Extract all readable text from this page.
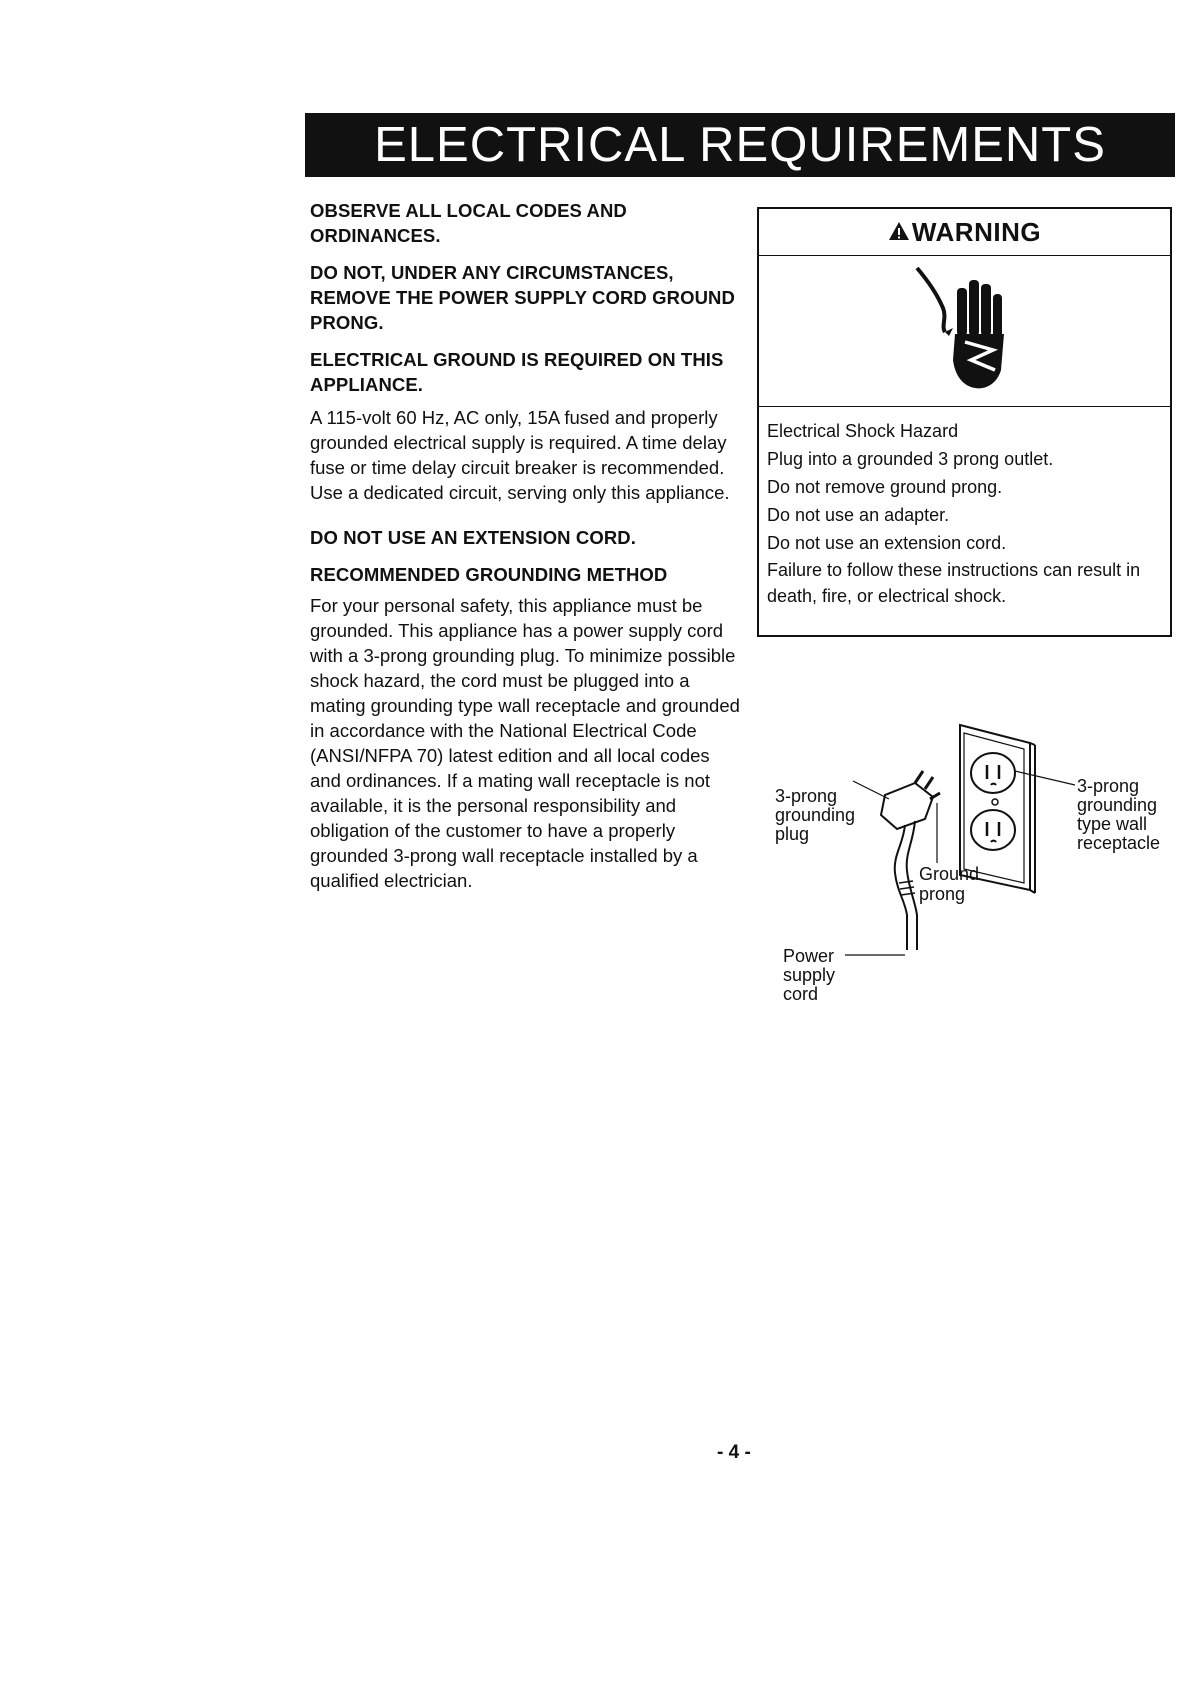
ELECTRICAL REQUIREMENTS

OBSERVE ALL LOCAL CODES AND ORDINANCES.

DO NOT, UNDER ANY CIRCUMSTANCES, REMOVE THE POWER SUPPLY CORD GROUND PRONG.

ELECTRICAL GROUND IS REQUIRED ON THIS APPLIANCE.

A 115-volt 60 Hz, AC only, 15A fused and properly grounded electrical supply is required. A time delay fuse or time delay circuit breaker is recommended. Use a dedicated circuit, serving only this appliance.

DO NOT USE AN EXTENSION CORD.

RECOMMENDED GROUNDING METHOD

For your personal safety, this appliance must be grounded. This appliance has a power supply cord with a 3-prong grounding plug. To minimize possible shock hazard, the cord must be plugged into a mating grounding type wall receptacle and grounded in accordance with the National Electrical Code (ANSI/NFPA 70) latest edition and all local codes and ordinances. If a mating wall receptacle is not available, it is the personal responsibility and obligation of the customer to have a properly grounded 3-prong wall receptacle installed by a qualified electrician.

WARNING

Electrical Shock Hazard

Plug into a grounded 3 prong outlet.

Do not remove ground prong.

Do not use an adapter.

Do not use an extension cord.

Failure to follow these instructions can result in death, fire, or electrical shock.

3-prong

grounding

plug

3-prong

grounding

type wall

receptacle

Ground

prong

Power

supply

cord

- 4 -
